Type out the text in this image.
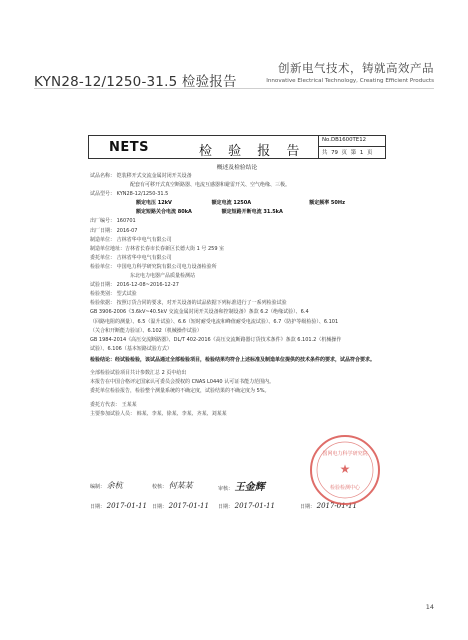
KYN28-12/1250-31.5 检验报告
创新电气技术，铸就高效产品
Innovative Electrical Technology, Creating Efficient Products
NETS	检 验 报 告
No.DB1600TE12
共 79 页 第 1 页
概述及检验结论
试品名称： 铠装移开式交流金属封闭开关设备
配套有可移开式真空断路器、电流互感器和避雷开关、空气绝缘、三极。
试品型号： KYN28-12/1250-31.5
额定电压 12kV	额定电流 1250A	额定频率 50Hz
额定短路关合电流 80kA	额定短路开断电流 31.5kA
出厂编号： 160701
出厂日期： 2016-07
制造单位： 吉林省华中电气有限公司
制造单位地址：吉林省长春市长春新区长德大街 1 号 259 室
委托单位： 吉林省华中电气有限公司
检验单位： 中国电力科学研究院有限公司电力设备检验所
东北电力电器产品质量检测站
试验日期： 2016-12-08~2016-12-27
检验类别： 型式试验
检验依据： 按照订货合同的要求，对开关设备的试品依据下列标准进行了一系列检验试验
GB 3906-2006《3.6kV~40.5kV 交流金属封闭开关设备和控制设备》条款 6.2（绝缘试验）、6.4
（回路电阻的测量）、6.5（温升试验）、6.6（短时耐受电流和峰值耐受电流试验）、6.7（防护等级检验）、6.101
（关合和开断能力验证）、6.102（机械操作试验）
GB 1984-2014《高压交流断路器》、DL/T 402-2016《高压交流断路器订货技术条件》条款 6.101.2（机械操作
试验）、6.106（基本短路试验方式）
检验结论：经试验检验，该试品通过全部检验项目，检验结果均符合上述标准及制造单位提供的技术条件的要求，试品符合要求。
全部检验试验项目共计参数汇总 2 页中给出
本报告在中国合格评定国家认可委员会授权的 CNAS L0440 认可证书能力范围内。
委托单位检验报告，检验整个测量系统的不确定度，试验结果的不确定度为 5%。
委托方代表： 王某某
主要参加试验人员： 韩某、李某、徐某、李某、齐某、刘某某
编制： 余杭	校核： 何某某	审核： 王金辉
日期： 2017-01-11 日期： 2017-01-11 日期： 2017-01-11	日期： 2017-01-11
国网电力科学研究院
★
检验检测中心
14
